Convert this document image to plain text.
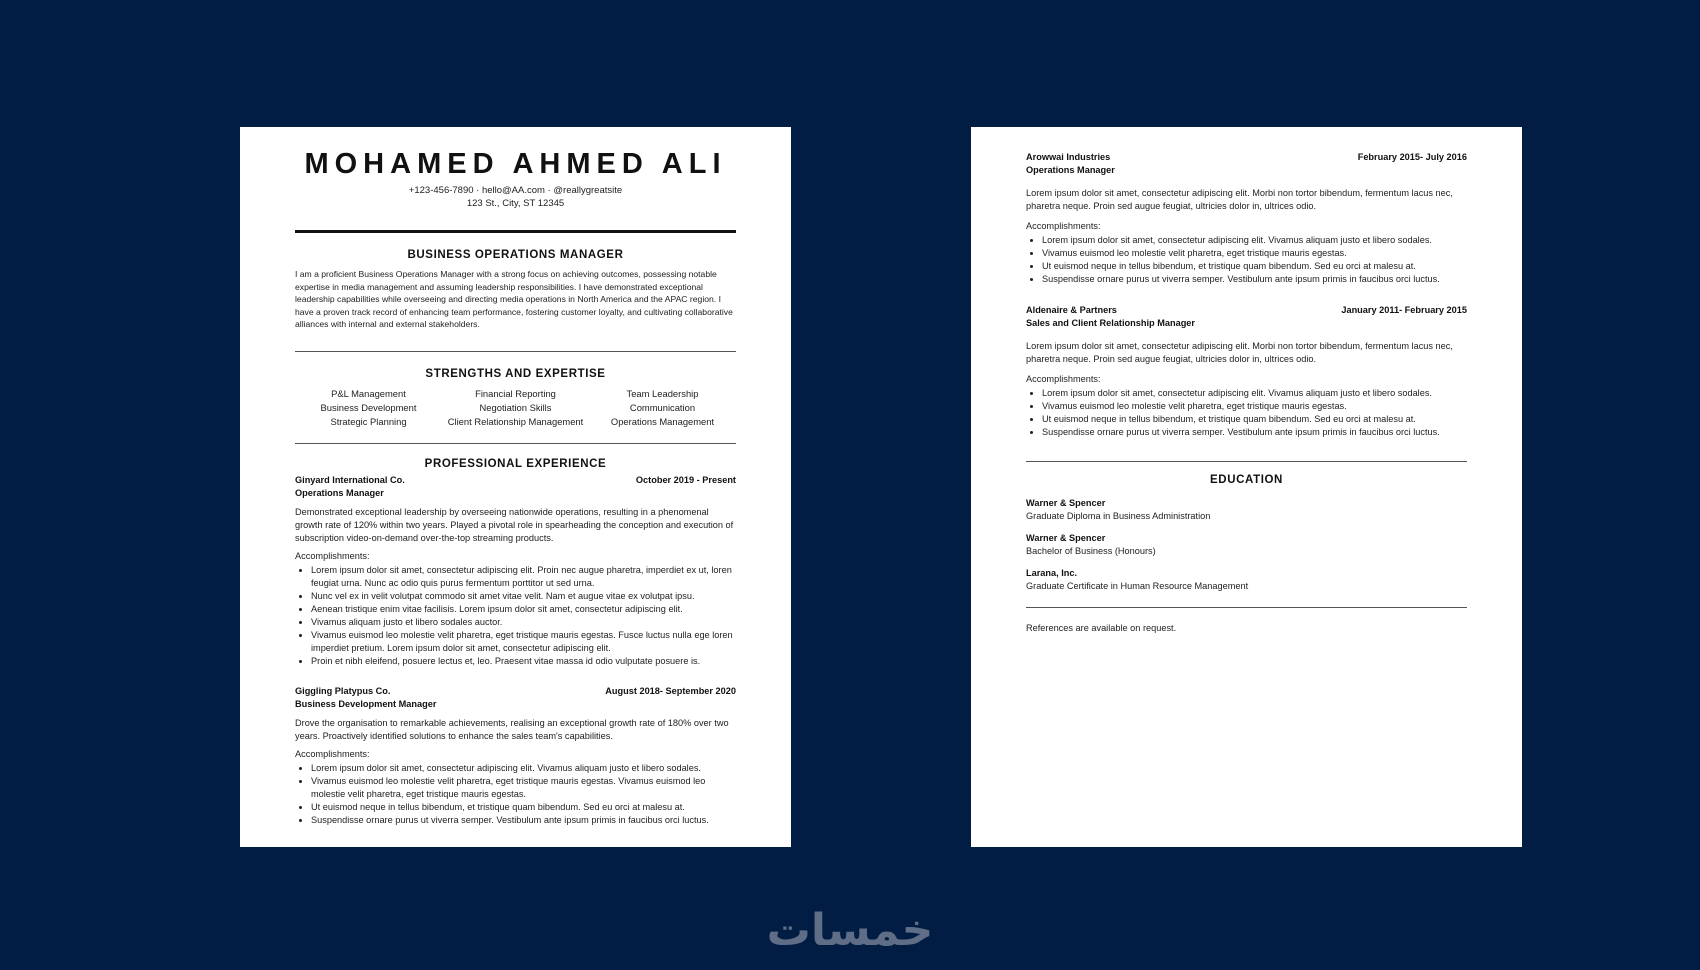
MOHAMED AHMED ALI
+123-456-7890 · hello@AA.com · @reallygreatsite
123 St., City, ST 12345
BUSINESS OPERATIONS MANAGER

I am a proficient Business Operations Manager with a strong focus on achieving outcomes, possessing notable expertise in media management and assuming leadership responsibilities. I have demonstrated exceptional leadership capabilities while overseeing and directing media operations in North America and the APAC region. I have a proven track record of enhancing team performance, fostering customer loyalty, and cultivating collaborative alliances with internal and external stakeholders.

STRENGTHS AND EXPERTISE
P&L Management	Financial Reporting	Team Leadership
Business Development	Negotiation Skills	Communication
Strategic Planning	Client Relationship Management	Operations Management
PROFESSIONAL EXPERIENCE
Ginyard International Co.	October 2019 - Present
Operations Manager
Demonstrated exceptional leadership by overseeing nationwide operations, resulting in a phenomenal growth rate of 120% within two years. Played a pivotal role in spearheading the conception and execution of subscription video-on-demand over-the-top streaming products.
Accomplishments:
• Lorem ipsum dolor sit amet, consectetur adipiscing elit. Proin nec augue pharetra, imperdiet ex ut, loren feugiat urna. Nunc ac odio quis purus fermentum porttitor ut sed urna.
• Nunc vel ex in velit volutpat commodo sit amet vitae velit. Nam et augue vitae ex volutpat ipsu.
• Aenean tristique enim vitae facilisis. Lorem ipsum dolor sit amet, consectetur adipiscing elit.
• Vivamus aliquam justo et libero sodales auctor.
• Vivamus euismod leo molestie velit pharetra, eget tristique mauris egestas. Fusce luctus nulla ege loren imperdiet pretium. Lorem ipsum dolor sit amet, consectetur adipiscing elit.
• Proin et nibh eleifend, posuere lectus et, leo. Praesent vitae massa id odio vulputate posuere is.
Giggling Platypus Co.	August 2018- September 2020
Business Development Manager
Drove the organisation to remarkable achievements, realising an exceptional growth rate of 180% over two years. Proactively identified solutions to enhance the sales team's capabilities.
Accomplishments:
• Lorem ipsum dolor sit amet, consectetur adipiscing elit. Vivamus aliquam justo et libero sodales.
• Vivamus euismod leo molestie velit pharetra, eget tristique mauris egestas. Vivamus euismod leo molestie velit pharetra, eget tristique mauris egestas.
• Ut euismod neque in tellus bibendum, et tristique quam bibendum. Sed eu orci at malesu at.
• Suspendisse ornare purus ut viverra semper. Vestibulum ante ipsum primis in faucibus orci luctus.
Arowwai Industries	February 2015- July 2016
Operations Manager
Lorem ipsum dolor sit amet, consectetur adipiscing elit. Morbi non tortor bibendum, fermentum lacus nec, pharetra neque. Proin sed augue feugiat, ultricies dolor in, ultrices odio.
Accomplishments:
• Lorem ipsum dolor sit amet, consectetur adipiscing elit. Vivamus aliquam justo et libero sodales.
• Vivamus euismod leo molestie velit pharetra, eget tristique mauris egestas.
• Ut euismod neque in tellus bibendum, et tristique quam bibendum. Sed eu orci at malesu at.
• Suspendisse ornare purus ut viverra semper. Vestibulum ante ipsum primis in faucibus orci luctus.
Aldenaire & Partners	January 2011- February 2015
Sales and Client Relationship Manager
Lorem ipsum dolor sit amet, consectetur adipiscing elit. Morbi non tortor bibendum, fermentum lacus nec, pharetra neque. Proin sed augue feugiat, ultricies dolor in, ultrices odio.
Accomplishments:
• Lorem ipsum dolor sit amet, consectetur adipiscing elit. Vivamus aliquam justo et libero sodales.
• Vivamus euismod leo molestie velit pharetra, eget tristique mauris egestas.
• Ut euismod neque in tellus bibendum, et tristique quam bibendum. Sed eu orci at malesu at.
• Suspendisse ornare purus ut viverra semper. Vestibulum ante ipsum primis in faucibus orci luctus.
EDUCATION
Warner & Spencer
Graduate Diploma in Business Administration
Warner & Spencer
Bachelor of Business (Honours)
Larana, Inc.
Graduate Certificate in Human Resource Management
References are available on request.
خمسات
